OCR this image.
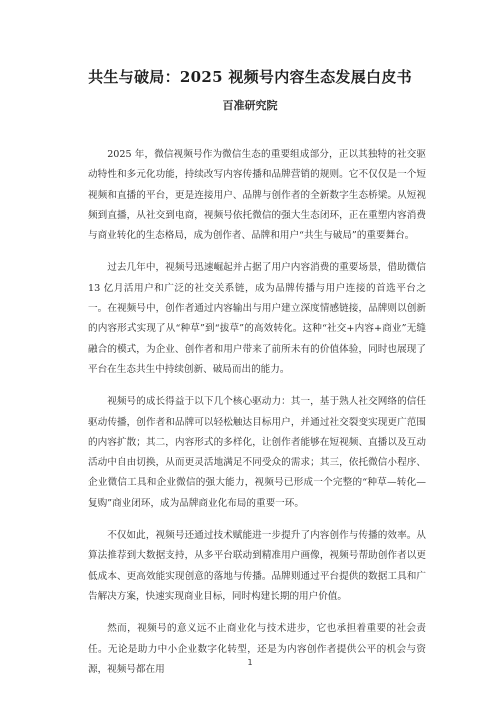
共生与破局：2025 视频号内容生态发展白皮书
百准研究院

2025 年，微信视频号作为微信生态的重要组成部分，正以其独特的社交驱动特性和多元化功能，持续改写内容传播和品牌营销的规则。它不仅仅是一个短视频和直播的平台，更是连接用户、品牌与创作者的全新数字生态桥梁。从短视频到直播，从社交到电商，视频号依托微信的强大生态闭环，正在重塑内容消费与商业转化的生态格局，成为创作者、品牌和用户“共生与破局”的重要舞台。

过去几年中，视频号迅速崛起并占据了用户内容消费的重要场景，借助微信 13 亿月活用户和广泛的社交关系链，成为品牌传播与用户连接的首选平台之一。在视频号中，创作者通过内容输出与用户建立深度情感链接，品牌则以创新的内容形式实现了从“种草”到“拔草”的高效转化。这种“社交+内容+商业”无缝融合的模式，为企业、创作者和用户带来了前所未有的价值体验，同时也展现了平台在生态共生中持续创新、破局而出的能力。

视频号的成长得益于以下几个核心驱动力：其一，基于熟人社交网络的信任驱动传播，创作者和品牌可以轻松触达目标用户，并通过社交裂变实现更广范围的内容扩散；其二，内容形式的多样化，让创作者能够在短视频、直播以及互动活动中自由切换，从而更灵活地满足不同受众的需求；其三，依托微信小程序、企业微信工具和企业微信的强大能力，视频号已形成一个完整的“种草—转化—复购”商业闭环，成为品牌商业化布局的重要一环。

不仅如此，视频号还通过技术赋能进一步提升了内容创作与传播的效率。从算法推荐到大数据支持，从多平台联动到精准用户画像，视频号帮助创作者以更低成本、更高效能实现创意的落地与传播。品牌则通过平台提供的数据工具和广告解决方案，快速实现商业目标，同时构建长期的用户价值。

然而，视频号的意义远不止商业化与技术进步，它也承担着重要的社会责任。无论是助力中小企业数字化转型，还是为内容创作者提供公平的机会与资源，视频号都在用

1
